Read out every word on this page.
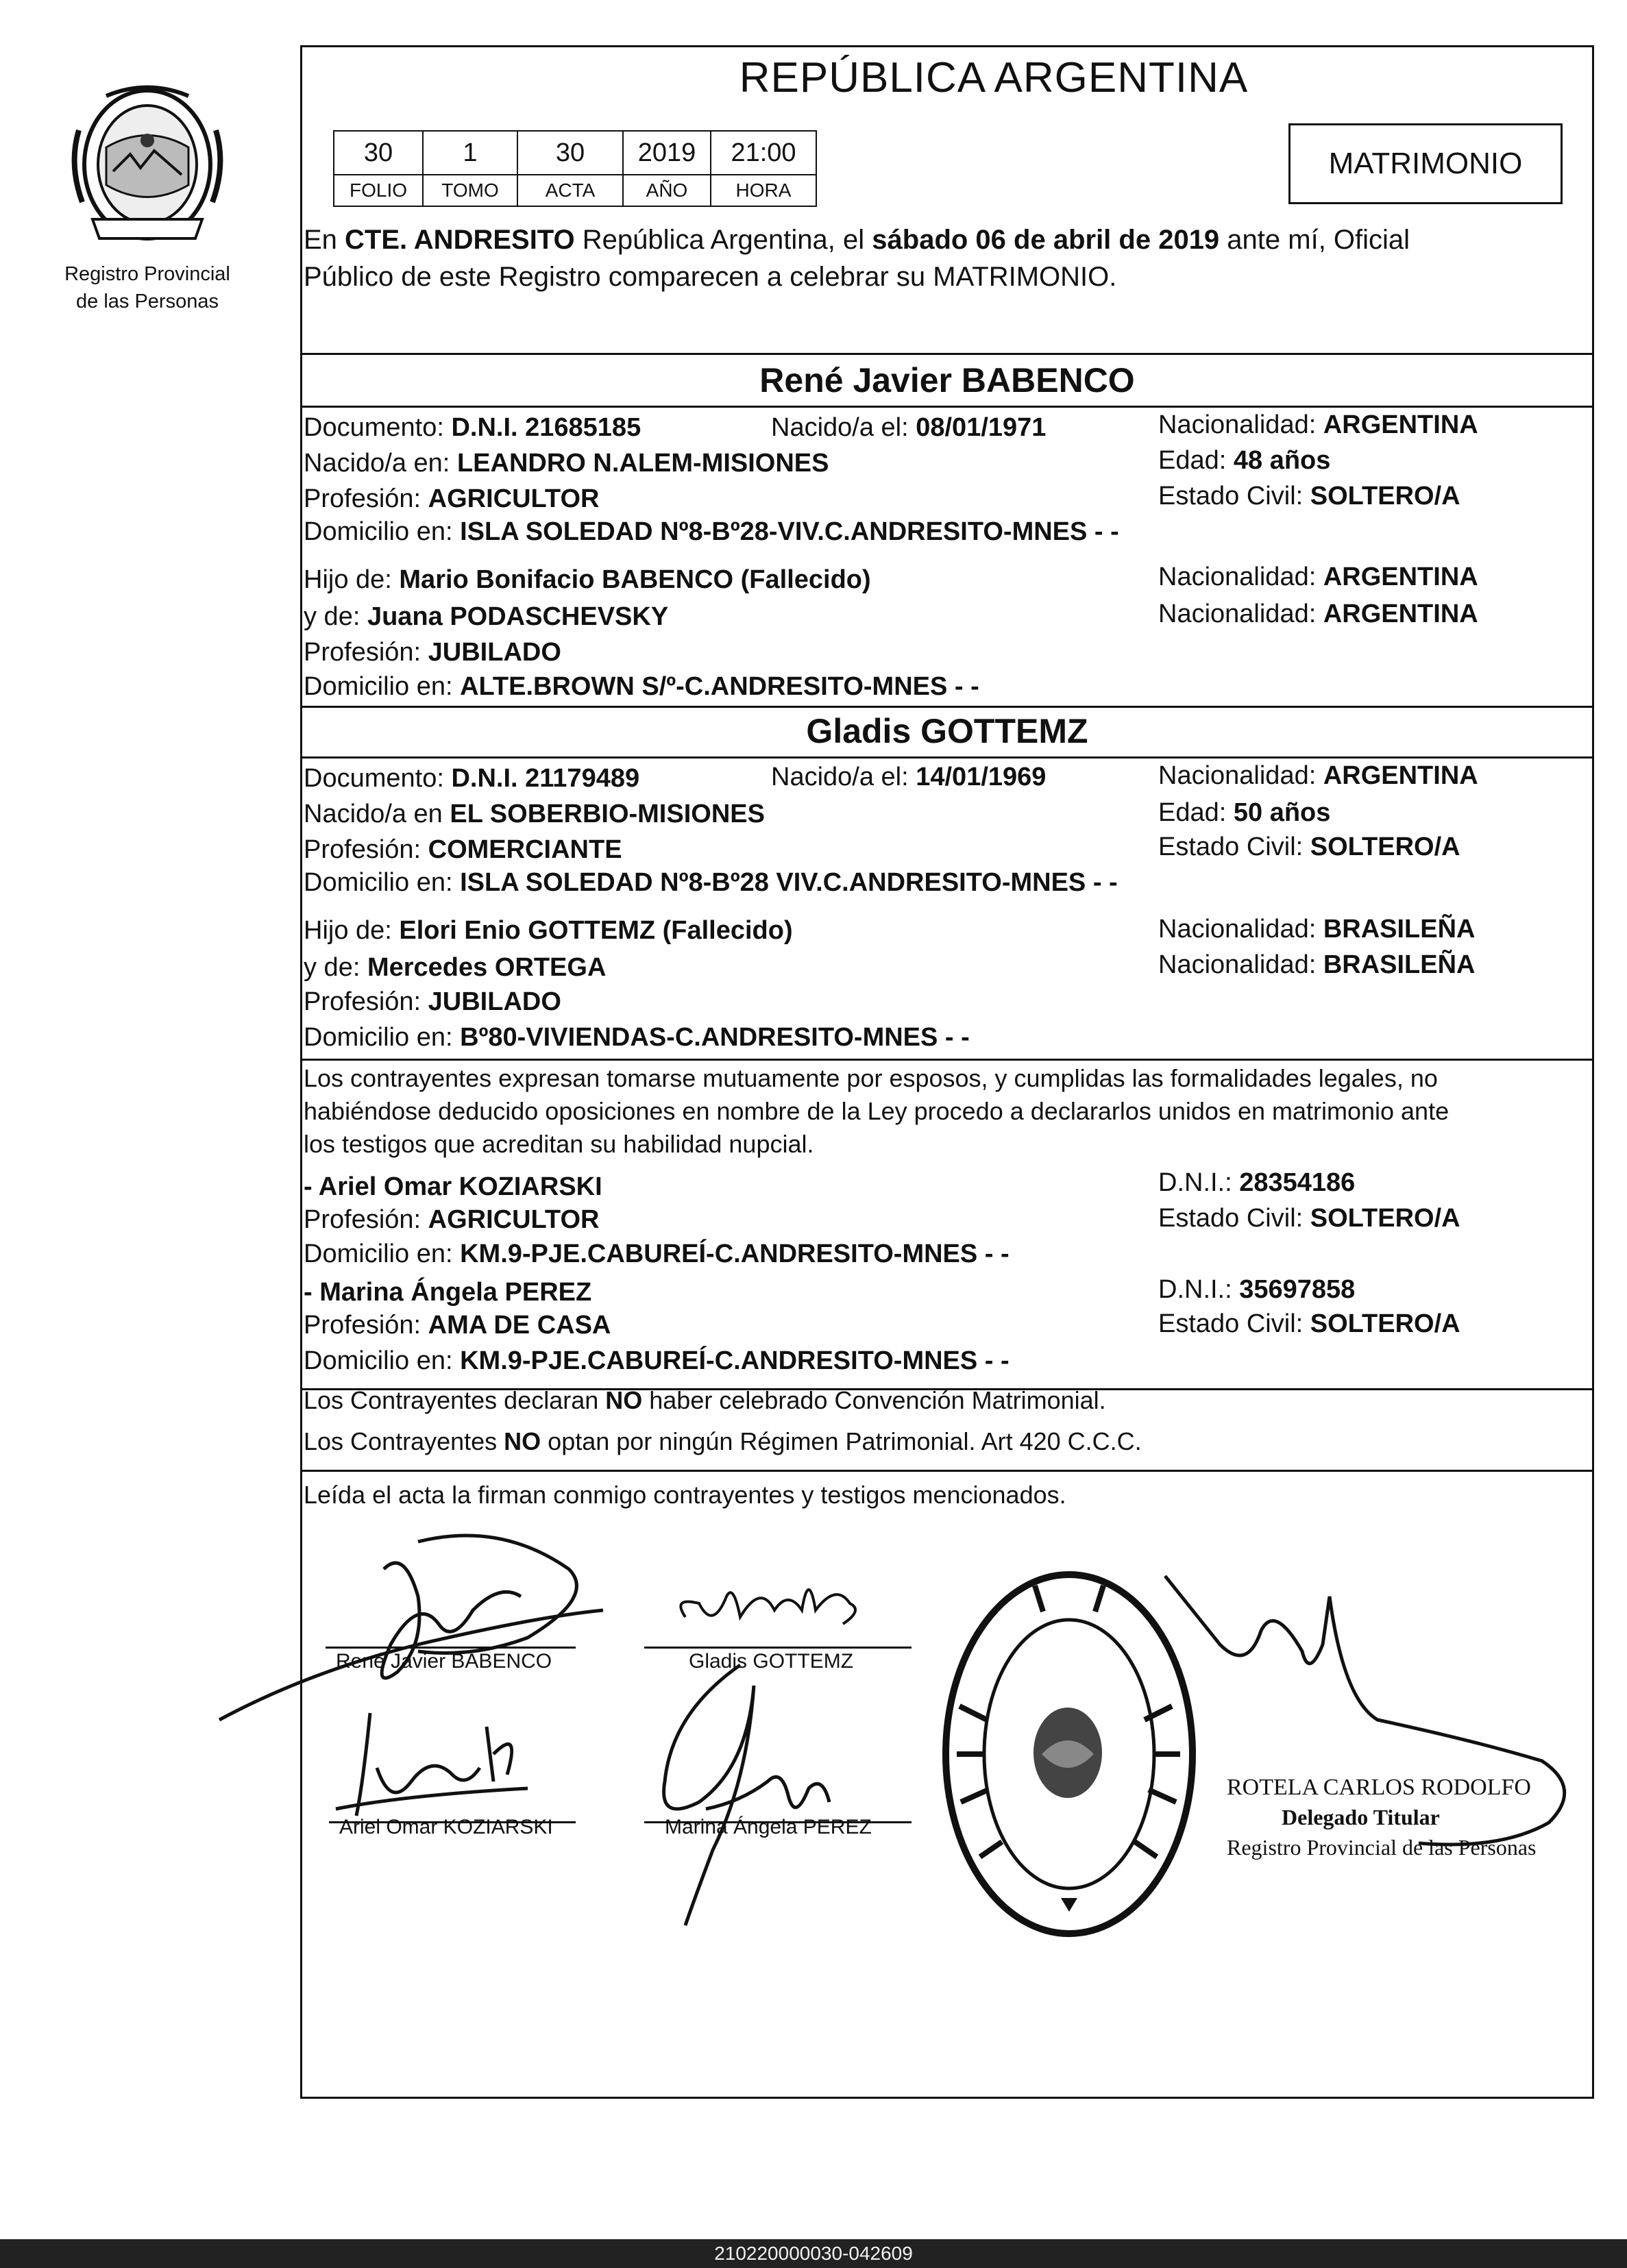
Registro Provincial
de las Personas
REPÚBLICA ARGENTINA
30	1	30	2019	21:00
FOLIO	TOMO	ACTA	AÑO	HORA
MATRIMONIO
En CTE. ANDRESITO República Argentina, el sábado 06 de abril de 2019 ante mí, Oficial
Público de este Registro comparecen a celebrar su MATRIMONIO.
René Javier BABENCO
Documento: D.N.I. 21685185	Nacido/a el: 08/01/1971	Nacionalidad: ARGENTINA
Nacido/a en: LEANDRO N.ALEM-MISIONES	Edad: 48 años
Profesión: AGRICULTOR	Estado Civil: SOLTERO/A
Domicilio en: ISLA SOLEDAD Nº8-Bº28-VIV.C.ANDRESITO-MNES - -
Hijo de: Mario Bonifacio BABENCO (Fallecido)	Nacionalidad: ARGENTINA
y de: Juana PODASCHEVSKY	Nacionalidad: ARGENTINA
Profesión: JUBILADO
Domicilio en: ALTE.BROWN S/º-C.ANDRESITO-MNES - -
Gladis GOTTEMZ
Documento: D.N.I. 21179489	Nacido/a el: 14/01/1969	Nacionalidad: ARGENTINA
Nacido/a en EL SOBERBIO-MISIONES	Edad: 50 años
Profesión: COMERCIANTE	Estado Civil: SOLTERO/A
Domicilio en: ISLA SOLEDAD Nº8-Bº28 VIV.C.ANDRESITO-MNES - -
Hijo de: Elori Enio GOTTEMZ (Fallecido)	Nacionalidad: BRASILEÑA
y de: Mercedes ORTEGA	Nacionalidad: BRASILEÑA
Profesión: JUBILADO
Domicilio en: Bº80-VIVIENDAS-C.ANDRESITO-MNES - -
Los contrayentes expresan tomarse mutuamente por esposos, y cumplidas las formalidades legales, no
habiéndose deducido oposiciones en nombre de la Ley procedo a declararlos unidos en matrimonio ante
los testigos que acreditan su habilidad nupcial.
- Ariel Omar KOZIARSKI	D.N.I.: 28354186
Profesión: AGRICULTOR	Estado Civil: SOLTERO/A
Domicilio en: KM.9-PJE.CABUREÍ-C.ANDRESITO-MNES - -
- Marina Ángela PEREZ	D.N.I.: 35697858
Profesión: AMA DE CASA	Estado Civil: SOLTERO/A
Domicilio en: KM.9-PJE.CABUREÍ-C.ANDRESITO-MNES - -
Los Contrayentes declaran NO haber celebrado Convención Matrimonial.
Los Contrayentes NO optan por ningún Régimen Patrimonial. Art 420 C.C.C.
Leída el acta la firman conmigo contrayentes y testigos mencionados.
René Javier BABENCO	Gladis GOTTEMZ
Ariel Omar KOZIARSKI	Marina Ángela PEREZ
ROTELA CARLOS RODOLFO
Delegado Titular
Registro Provincial de las Personas
210220000030-042609
